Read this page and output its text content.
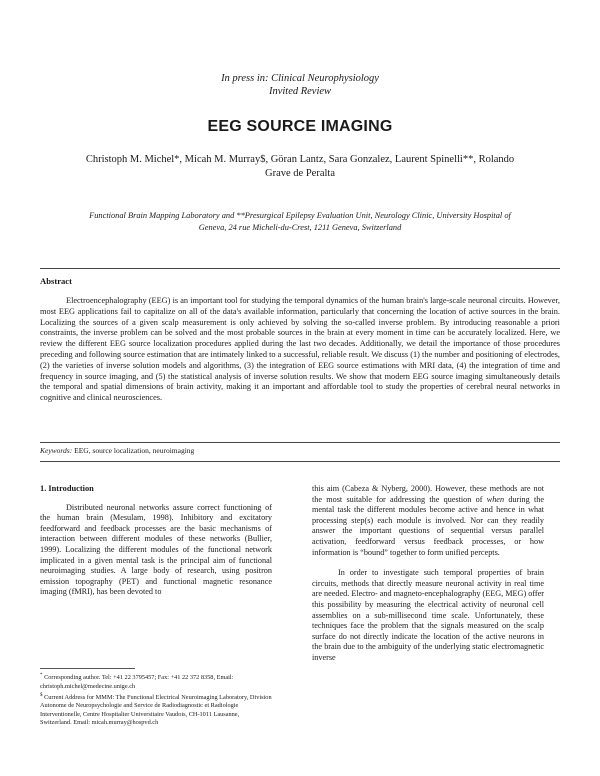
In press in: Clinical Neurophysiology
Invited Review
EEG SOURCE IMAGING
Christoph M. Michel*, Micah M. Murray$, Göran Lantz, Sara Gonzalez, Laurent Spinelli**, Rolando
Grave de Peralta
Functional Brain Mapping Laboratory and **Presurgical Epilepsy Evaluation Unit, Neurology Clinic, University Hospital of
Geneva, 24 rue Micheli-du-Crest, 1211 Geneva, Switzerland
Abstract
Electroencephalography (EEG) is an important tool for studying the temporal dynamics of the human brain's large-scale neuronal circuits. However, most EEG applications fail to capitalize on all of the data's available information, particularly that concerning the location of active sources in the brain. Localizing the sources of a given scalp measurement is only achieved by solving the so-called inverse problem. By introducing reasonable a priori constraints, the inverse problem can be solved and the most probable sources in the brain at every moment in time can be accurately localized. Here, we review the different EEG source localization procedures applied during the last two decades. Additionally, we detail the importance of those procedures preceding and following source estimation that are intimately linked to a successful, reliable result. We discuss (1) the number and positioning of electrodes, (2) the varieties of inverse solution models and algorithms, (3) the integration of EEG source estimations with MRI data, (4) the integration of time and frequency in source imaging, and (5) the statistical analysis of inverse solution results. We show that modern EEG source imaging simultaneously details the temporal and spatial dimensions of brain activity, making it an important and affordable tool to study the properties of cerebral neural networks in cognitive and clinical neurosciences.
Keywords: EEG, source localization, neuroimaging
1. Introduction

Distributed neuronal networks assure correct functioning of the human brain (Mesulam, 1998). Inhibitory and excitatory feedforward and feedback processes are the basic mechanisms of interaction between different modules of these networks (Bullier, 1999). Localizing the different modules of the functional network implicated in a given mental task is the principal aim of functional neuroimaging studies. A large body of research, using positron emission topography (PET) and functional magnetic resonance imaging (fMRI), has been devoted to

this aim (Cabeza & Nyberg, 2000). However, these methods are not the most suitable for addressing the question of when during the mental task the different modules become active and hence in what processing step(s) each module is involved. Nor can they readily answer the important questions of sequential versus parallel activation, feedforward versus feedback processes, or how information is “bound” together to form unified percepts.

In order to investigate such temporal properties of brain circuits, methods that directly measure neuronal activity in real time are needed. Electro- and magneto-encephalography (EEG, MEG) offer this possibility by measuring the electrical activity of neuronal cell assemblies on a sub-millisecond time scale. Unfortunately, these techniques face the problem that the signals measured on the scalp surface do not directly indicate the location of the active neurons in the brain due to the ambiguity of the underlying static electromagnetic inverse

* Corresponding author. Tel: +41 22 3795457; Fax: +41 22 372 8358, Email: christoph.michel@medecine.unige.ch
$ Current Address for MMM: The Functional Electrical Neuroimaging Laboratory, Division Autonome de Neuropsychologie and Service de Radiodiagnostic et Radiologie Interventionelle, Centre Hospitalier Universitaire Vaudois, CH-1011 Lausanne, Switzerland. Email: micah.murray@hospvd.ch
